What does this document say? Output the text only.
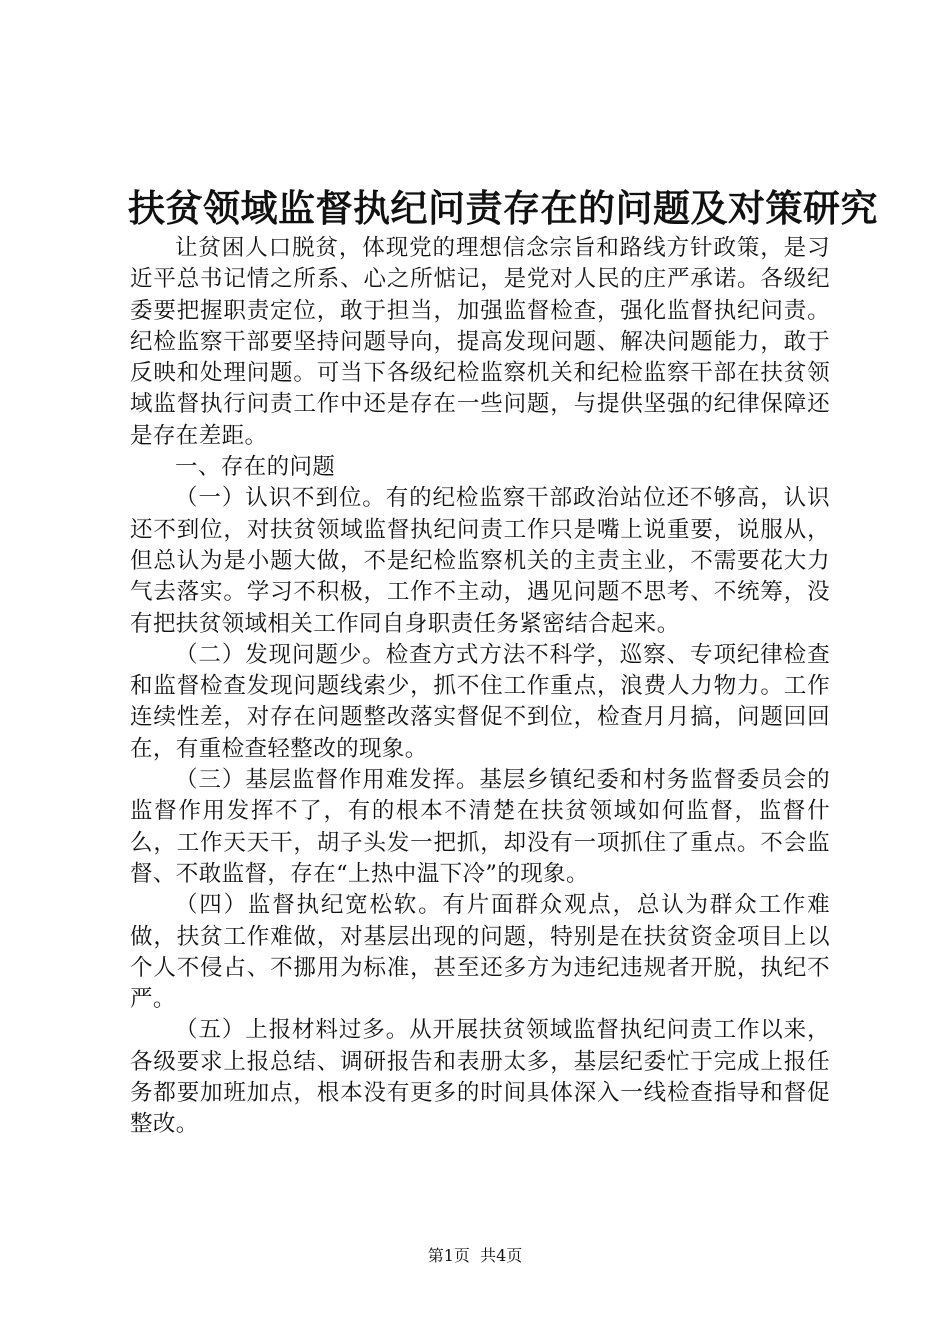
扶贫领域监督执纪问责存在的问题及对策研究

让贫困人口脱贫，体现党的理想信念宗旨和路线方针政策，是习近平总书记情之所系、心之所惦记，是党对人民的庄严承诺。各级纪委要把握职责定位，敢于担当，加强监督检查，强化监督执纪问责。纪检监察干部要坚持问题导向，提高发现问题、解决问题能力，敢于反映和处理问题。可当下各级纪检监察机关和纪检监察干部在扶贫领域监督执行问责工作中还是存在一些问题，与提供坚强的纪律保障还是存在差距。

一、存在的问题

（一）认识不到位。有的纪检监察干部政治站位还不够高，认识还不到位，对扶贫领域监督执纪问责工作只是嘴上说重要，说服从，但总认为是小题大做，不是纪检监察机关的主责主业，不需要花大力气去落实。学习不积极，工作不主动，遇见问题不思考、不统筹，没有把扶贫领域相关工作同自身职责任务紧密结合起来。

（二）发现问题少。检查方式方法不科学，巡察、专项纪律检查和监督检查发现问题线索少，抓不住工作重点，浪费人力物力。工作连续性差，对存在问题整改落实督促不到位，检查月月搞，问题回回在，有重检查轻整改的现象。

（三）基层监督作用难发挥。基层乡镇纪委和村务监督委员会的监督作用发挥不了，有的根本不清楚在扶贫领域如何监督，监督什么，工作天天干，胡子头发一把抓，却没有一项抓住了重点。不会监督、不敢监督，存在“上热中温下冷”的现象。

（四）监督执纪宽松软。有片面群众观点，总认为群众工作难做，扶贫工作难做，对基层出现的问题，特别是在扶贫资金项目上以个人不侵占、不挪用为标准，甚至还多方为违纪违规者开脱，执纪不严。

（五）上报材料过多。从开展扶贫领域监督执纪问责工作以来，各级要求上报总结、调研报告和表册太多，基层纪委忙于完成上报任务都要加班加点，根本没有更多的时间具体深入一线检查指导和督促整改。

第1页  共4页
